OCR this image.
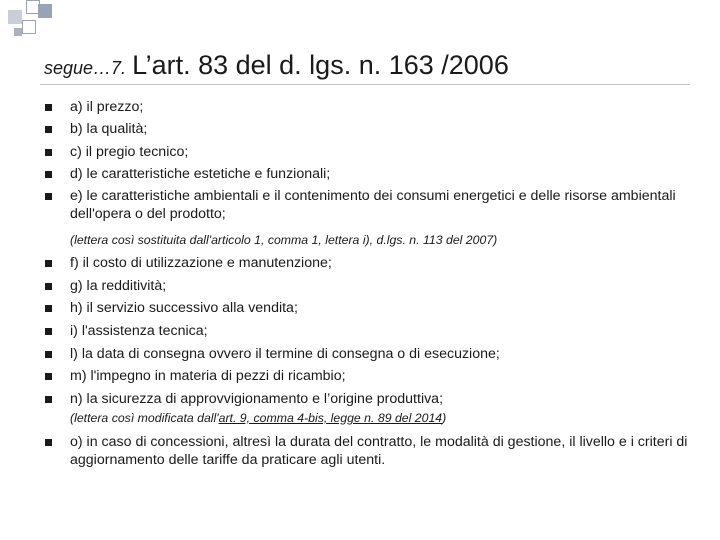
segue…7. L’art. 83 del d. lgs. n. 163 /2006
a) il prezzo;
b) la qualità;
c) il pregio tecnico;
d) le caratteristiche estetiche e funzionali;
e) le caratteristiche ambientali e il contenimento dei consumi energetici e delle risorse ambientali dell'opera o del prodotto;
(lettera così sostituita dall'articolo 1, comma 1, lettera i), d.lgs. n. 113 del 2007)
f) il costo di utilizzazione e manutenzione;
g) la redditività;
h) il servizio successivo alla vendita;
i) l'assistenza tecnica;
l) la data di consegna ovvero il termine di consegna o di esecuzione;
m) l'impegno in materia di pezzi di ricambio;
n) la sicurezza di approvvigionamento e l’origine produttiva;
(lettera così modificata dall'art. 9, comma 4-bis, legge n. 89 del 2014)
o) in caso di concessioni, altresì la durata del contratto, le modalità di gestione, il livello e i criteri di aggiornamento delle tariffe da praticare agli utenti.
